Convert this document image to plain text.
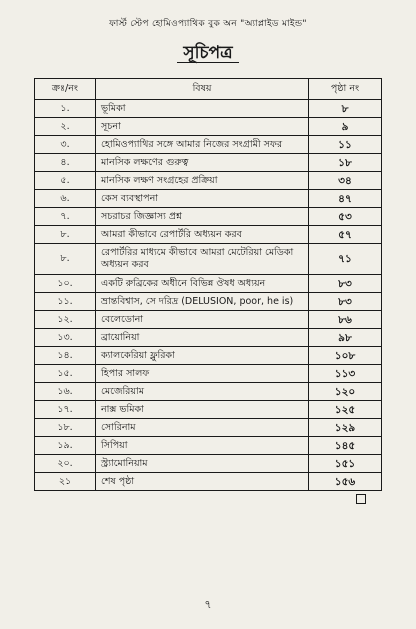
ফার্স্ট স্টেপ হোমিওপ্যাথিক বুক অন "অ্যাপ্লাইড মাইন্ড"
সূচিপত্র
ক্রঃ/নং	বিষয়	পৃষ্ঠা নং
১.	ভূমিকা	৮
২.	সূচনা	৯
৩.	হোমিওপ্যাথির সঙ্গে আমার নিজের সংগ্রামী সফর	১১
৪.	মানসিক লক্ষণের গুরুত্ব	১৮
৫.	মানসিক লক্ষণ সংগ্রহের প্রক্রিয়া	৩৪
৬.	কেস ব্যবস্থাপনা	৪৭
৭.	সচরাচর জিজ্ঞাস্য প্রশ্ন	৫৩
৮.	আমরা কীভাবে রেপার্টরি অধ্যয়ন করব	৫৭
৮.	রেপার্টরির মাধ্যমে কীভাবে আমরা মেটেরিয়া মেডিকা অধ্যয়ন করব	৭১
১০.	একটি রুব্রিকের অধীনে বিভিন্ন ঔষধ অধ্যয়ন	৮৩
১১.	ভ্রান্তবিশ্বাস, সে দরিদ্র (DELUSION, poor, he is)	৮৩
১২.	বেলেডোনা	৮৬
১৩.	ব্রায়োনিয়া	৯৮
১৪.	ক্যালকেরিয়া ফ্লুরিকা	১০৮
১৫.	হিপার সালফ	১১৩
১৬.	মেজেরিয়াম	১২০
১৭.	নাক্স ভমিকা	১২৫
১৮.	সোরিনাম	১২৯
১৯.	সিপিয়া	১৪৫
২০.	স্ট্র্যামোনিয়াম	১৫১
২১	শেষ পৃষ্ঠা	১৫৬
৭
